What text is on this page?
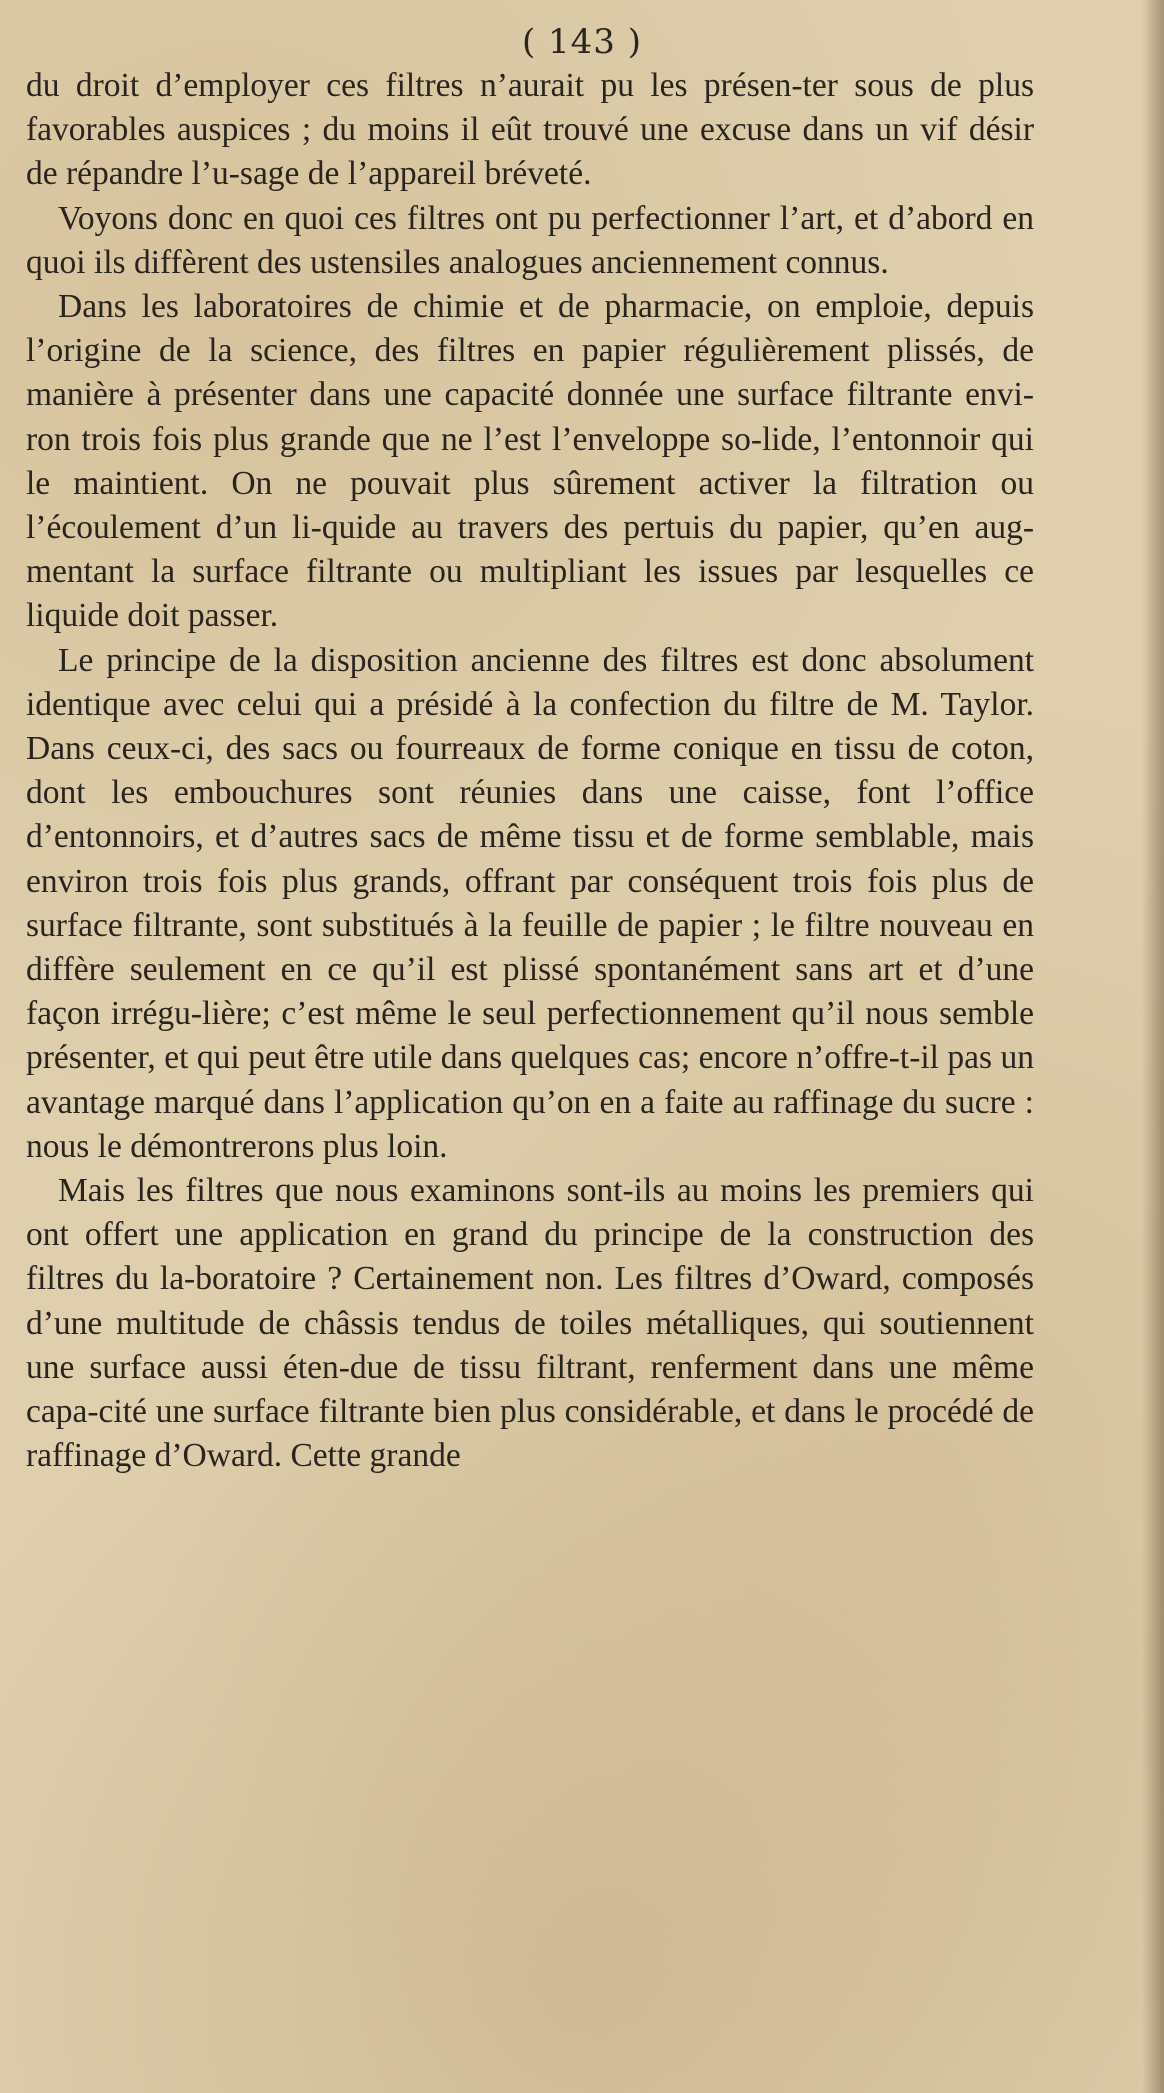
( 143 )

du droit d’employer ces filtres n’aurait pu les présen-ter sous de plus favorables auspices ; du moins il eût trouvé une excuse dans un vif désir de répandre l’u-sage de l’appareil bréveté.

Voyons donc en quoi ces filtres ont pu perfectionner l’art, et d’abord en quoi ils diffèrent des ustensiles analogues anciennement connus.

Dans les laboratoires de chimie et de pharmacie, on emploie, depuis l’origine de la science, des filtres en papier régulièrement plissés, de manière à présenter dans une capacité donnée une surface filtrante envi-ron trois fois plus grande que ne l’est l’enveloppe so-lide, l’entonnoir qui le maintient. On ne pouvait plus sûrement activer la filtration ou l’écoulement d’un li-quide au travers des pertuis du papier, qu’en aug-mentant la surface filtrante ou multipliant les issues par lesquelles ce liquide doit passer.

Le principe de la disposition ancienne des filtres est donc absolument identique avec celui qui a présidé à la confection du filtre de M. Taylor. Dans ceux-ci, des sacs ou fourreaux de forme conique en tissu de coton, dont les embouchures sont réunies dans une caisse, font l’office d’entonnoirs, et d’autres sacs de même tissu et de forme semblable, mais environ trois fois plus grands, offrant par conséquent trois fois plus de surface filtrante, sont substitués à la feuille de papier ; le filtre nouveau en diffère seulement en ce qu’il est plissé spontanément sans art et d’une façon irrégu-lière; c’est même le seul perfectionnement qu’il nous semble présenter, et qui peut être utile dans quelques cas; encore n’offre-t-il pas un avantage marqué dans l’application qu’on en a faite au raffinage du sucre : nous le démontrerons plus loin.

Mais les filtres que nous examinons sont-ils au moins les premiers qui ont offert une application en grand du principe de la construction des filtres du la-boratoire ? Certainement non. Les filtres d’Oward, composés d’une multitude de châssis tendus de toiles métalliques, qui soutiennent une surface aussi éten-due de tissu filtrant, renferment dans une même capa-cité une surface filtrante bien plus considérable, et dans le procédé de raffinage d’Oward. Cette grande
